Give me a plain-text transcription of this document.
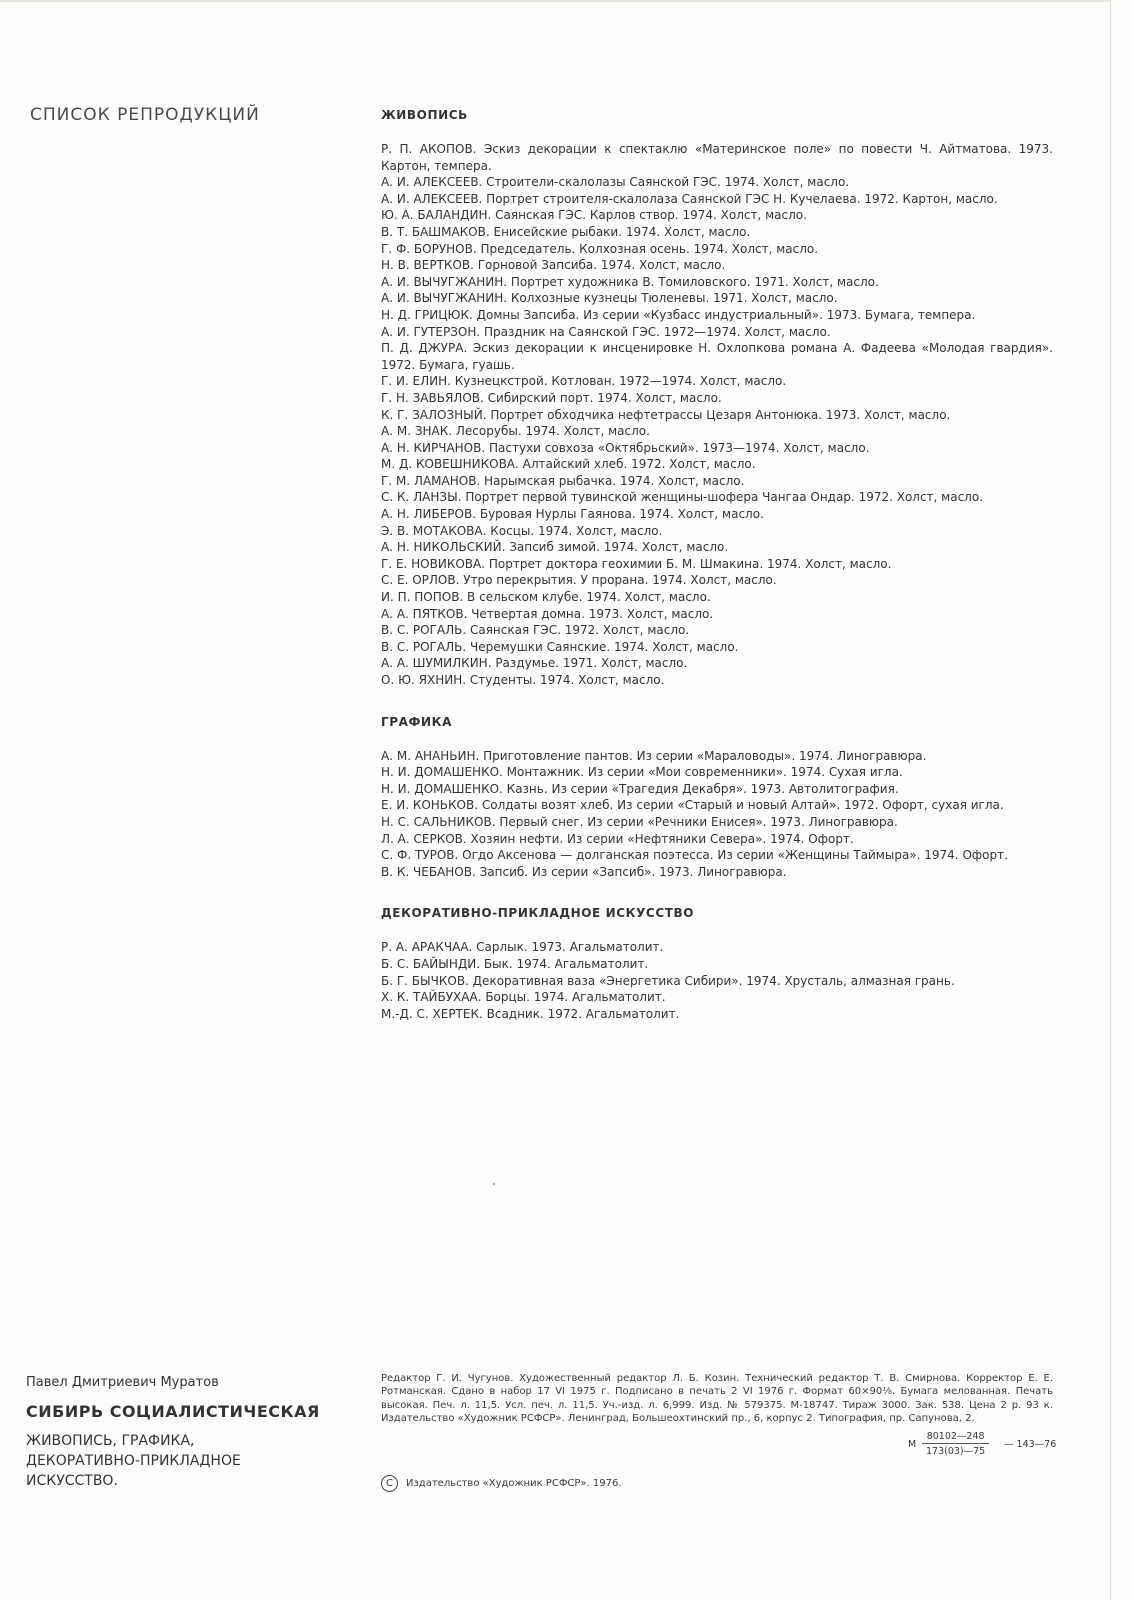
СПИСОК РЕПРОДУКЦИЙ	ЖИВОПИСЬ
Р. П. АКОПОВ. Эскиз декорации к спектаклю «Материнское поле» по повести Ч. Айтматова. 1973. Картон, темпера.
А. И. АЛЕКСЕЕВ. Строители-скалолазы Саянской ГЭС. 1974. Холст, масло.
А. И. АЛЕКСЕЕВ. Портрет строителя-скалолаза Саянской ГЭС Н. Кучелаева. 1972. Картон, масло.
Ю. А. БАЛАНДИН. Саянская ГЭС. Карлов створ. 1974. Холст, масло.
В. Т. БАШМАКОВ. Енисейские рыбаки. 1974. Холст, масло.
Г. Ф. БОРУНОВ. Председатель. Колхозная осень. 1974. Холст, масло.
Н. В. ВЕРТКОВ. Горновой Запсиба. 1974. Холст, масло.
А. И. ВЫЧУГЖАНИН. Портрет художника В. Томиловского. 1971. Холст, масло.
А. И. ВЫЧУГЖАНИН. Колхозные кузнецы Тюленевы. 1971. Холст, масло.
Н. Д. ГРИЦЮК. Домны Запсиба. Из серии «Кузбасс индустриальный». 1973. Бумага, темпера.
А. И. ГУТЕРЗОН. Праздник на Саянской ГЭС. 1972—1974. Холст, масло.
П. Д. ДЖУРА. Эскиз декорации к инсценировке Н. Охлопкова романа А. Фадеева «Молодая гвардия». 1972. Бумага, гуашь.
Г. И. ЕЛИН. Кузнецкстрой. Котлован. 1972—1974. Холст, масло.
Г. Н. ЗАВЬЯЛОВ. Сибирский порт. 1974. Холст, масло.
К. Г. ЗАЛОЗНЫЙ. Портрет обходчика нефтетрассы Цезаря Антонюка. 1973. Холст, масло.
А. М. ЗНАК. Лесорубы. 1974. Холст, масло.
А. Н. КИРЧАНОВ. Пастухи совхоза «Октябрьский». 1973—1974. Холст, масло.
М. Д. КОВЕШНИКОВА. Алтайский хлеб. 1972. Холст, масло.
Г. М. ЛАМАНОВ. Нарымская рыбачка. 1974. Холст, масло.
С. К. ЛАНЗЫ. Портрет первой тувинской женщины-шофера Чангаа Ондар. 1972. Холст, масло.
А. Н. ЛИБЕРОВ. Буровая Нурлы Гаянова. 1974. Холст, масло.
Э. В. МОТАКОВА. Косцы. 1974. Холст, масло.
А. Н. НИКОЛЬСКИЙ. Запсиб зимой. 1974. Холст, масло.
Г. Е. НОВИКОВА. Портрет доктора геохимии Б. М. Шмакина. 1974. Холст, масло.
С. Е. ОРЛОВ. Утро перекрытия. У прорана. 1974. Холст, масло.
И. П. ПОПОВ. В сельском клубе. 1974. Холст, масло.
А. А. ПЯТКОВ. Четвертая домна. 1973. Холст, масло.
В. С. РОГАЛЬ. Саянская ГЭС. 1972. Холст, масло.
В. С. РОГАЛЬ. Черемушки Саянские. 1974. Холст, масло.
А. А. ШУМИЛКИН. Раздумье. 1971. Холст, масло.
О. Ю. ЯХНИН. Студенты. 1974. Холст, масло.
ГРАФИКА
А. М. АНАНЬИН. Приготовление пантов. Из серии «Мараловоды». 1974. Линогравюра.
Н. И. ДОМАШЕНКО. Монтажник. Из серии «Мои современники». 1974. Сухая игла.
Н. И. ДОМАШЕНКО. Казнь. Из серии «Трагедия Декабря». 1973. Автолитография.
Е. И. КОНЬКОВ. Солдаты возят хлеб. Из серии «Старый и новый Алтай». 1972. Офорт, сухая игла.
Н. С. САЛЬНИКОВ. Первый снег. Из серии «Речники Енисея». 1973. Линогравюра.
Л. А. СЕРКОВ. Хозяин нефти. Из серии «Нефтяники Севера». 1974. Офорт.
С. Ф. ТУРОВ. Огдо Аксенова — долганская поэтесса. Из серии «Женщины Таймыра». 1974. Офорт.
В. К. ЧЕБАНОВ. Запсиб. Из серии «Запсиб». 1973. Линогравюра.
ДЕКОРАТИВНО-ПРИКЛАДНОЕ ИСКУССТВО
Р. А. АРАКЧАА. Сарлык. 1973. Агальматолит.
Б. С. БАЙЫНДИ. Бык. 1974. Агальматолит.
Б. Г. БЫЧКОВ. Декоративная ваза «Энергетика Сибири». 1974. Хрусталь, алмазная грань.
Х. К. ТАЙБУХАА. Борцы. 1974. Агальматолит.
М.-Д. С. ХЕРТЕК. Всадник. 1972. Агальматолит.
Павел Дмитриевич Муратов
СИБИРЬ СОЦИАЛИСТИЧЕСКАЯ
ЖИВОПИСЬ, ГРАФИКА, ДЕКОРАТИВНО-ПРИКЛАДНОЕ ИСКУССТВО.
Редактор Г. И. Чугунов. Художественный редактор Л. Б. Козин. Технический редактор Т. В. Смирнова. Корректор Е. Е. Ротманская. Сдано в набор 17 VI 1975 г. Подписано в печать 2 VI 1976 г. Формат 60×90⅛. Бумага мелованная. Печать высокая. Печ. л. 11,5. Усл. печ. л. 11,5. Уч.-изд. л. 6,999. Изд. № 579375. М-18747. Тираж 3000. Зак. 538. Цена 2 р. 93 к. Издательство «Художник РСФСР». Ленинград, Большеохтинский пр., 6, корпус 2. Типография, пр. Сапунова, 2.
М $\frac{80102—248}{173(03)—75}$ — 143—76
C	Издательство «Художник РСФСР». 1976.
